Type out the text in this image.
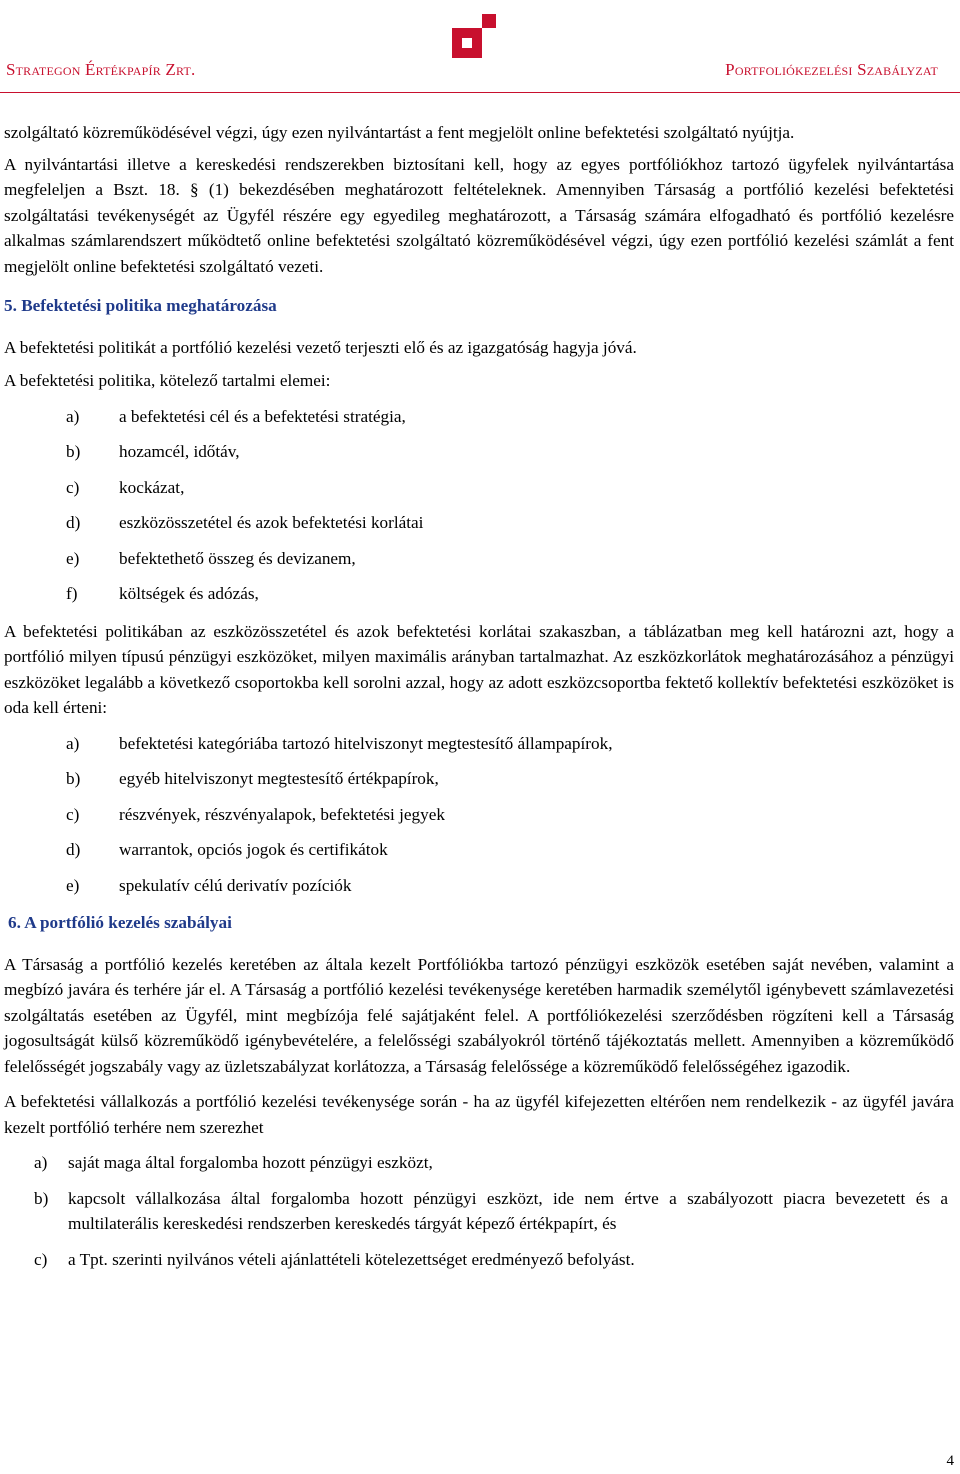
Strategon Értékpapír Zrt.	Portfoliókezelési Szabályzat

szolgáltató közreműködésével végzi, úgy ezen nyilvántartást a fent megjelölt online befektetési szolgáltató nyújtja.

A nyilvántartási illetve a kereskedési rendszerekben biztosítani kell, hogy az egyes portfóliókhoz tartozó ügyfelek nyilvántartása megfeleljen a Bszt. 18. § (1) bekezdésében meghatározott feltételeknek. Amennyiben Társaság a portfólió kezelési befektetési szolgáltatási tevékenységét az Ügyfél részére egy egyedileg meghatározott, a Társaság számára elfogadható és portfólió kezelésre alkalmas számlarendszert működtető online befektetési szolgáltató közreműködésével végzi, úgy ezen portfólió kezelési számlát a fent megjelölt online befektetési szolgáltató vezeti.

5. Befektetési politika meghatározása

A befektetési politikát a portfólió kezelési vezető terjeszti elő és az igazgatóság hagyja jóvá.

A befektetési politika, kötelező tartalmi elemei:

a) a befektetési cél és a befektetési stratégia,
b) hozamcél, időtáv,
c) kockázat,
d) eszközösszetétel és azok befektetési korlátai
e) befektethető összeg és devizanem,
f) költségek és adózás,

A befektetési politikában az eszközösszetétel és azok befektetési korlátai szakaszban, a táblázatban meg kell határozni azt, hogy a portfólió milyen típusú pénzügyi eszközöket, milyen maximális arányban tartalmazhat. Az eszközkorlátok meghatározásához a pénzügyi eszközöket legalább a következő csoportokba kell sorolni azzal, hogy az adott eszközcsoportba fektető kollektív befektetési eszközöket is oda kell érteni:

a) befektetési kategóriába tartozó hitelviszonyt megtestesítő állampapírok,
b) egyéb hitelviszonyt megtestesítő értékpapírok,
c) részvények, részvényalapok, befektetési jegyek
d) warrantok, opciós jogok és certifikátok
e) spekulatív célú derivatív pozíciók
6. A portfólió kezelés szabályai

A Társaság a portfólió kezelés keretében az általa kezelt Portfóliókba tartozó pénzügyi eszközök esetében saját nevében, valamint a megbízó javára és terhére jár el. A Társaság a portfólió kezelési tevékenysége keretében harmadik személytől igénybevett számlavezetési szolgáltatás esetében az Ügyfél, mint megbízója felé sajátjaként felel. A portfóliókezelési szerződésben rögzíteni kell a Társaság jogosultságát külső közreműködő igénybevételére, a felelősségi szabályokról történő tájékoztatás mellett. Amennyiben a közreműködő felelősségét jogszabály vagy az üzletszabályzat korlátozza, a Társaság felelőssége a közreműködő felelősségéhez igazodik.

A befektetési vállalkozás a portfólió kezelési tevékenysége során - ha az ügyfél kifejezetten eltérően nem rendelkezik - az ügyfél javára kezelt portfólió terhére nem szerezhet

a) saját maga által forgalomba hozott pénzügyi eszközt,
b) kapcsolt vállalkozása által forgalomba hozott pénzügyi eszközt, ide nem értve a szabályozott piacra bevezetett és a multilaterális kereskedési rendszerben kereskedés tárgyát képező értékpapírt, és
c) a Tpt. szerinti nyilvános vételi ajánlattételi kötelezettséget eredményező befolyást.
4
